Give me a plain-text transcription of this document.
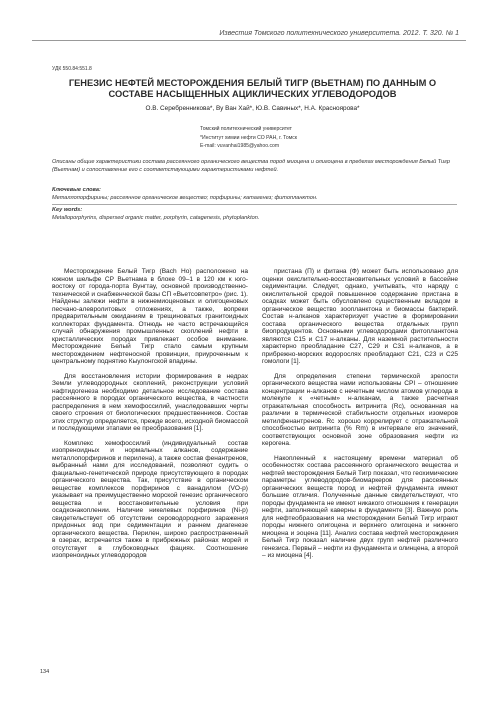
Известия Томского политехнического университета. 2012. Т. 320. № 1
УДК 550.84:551.8
ГЕНЕЗИС НЕФТЕЙ МЕСТОРОЖДЕНИЯ БЕЛЫЙ ТИГР (ВЬЕТНАМ) ПО ДАННЫМ О СОСТАВЕ НАСЫЩЕННЫХ АЦИКЛИЧЕСКИХ УГЛЕВОДОРОДОВ
О.В. Серебренникова*, Ву Ван Хай*, Ю.В. Савиных*, Н.А. Красноярова*
Томский политехнический университет
*Институт химии нефти СО РАН, г. Томск
E-mail: vuvanhai1985@yahoo.com
Описаны общие характеристики состава рассеянного органического вещества пород миоцена и олигоцена в пределах месторождения Белый Тигр (Вьетнам) и сопоставление его с соответствующими характеристиками нефтей.
Ключевые слова:
Металлопорфирины; рассеянное органическое вещество; порфирины; катагенез; фитопланктон.
Key words:
Metalloporphyrins, dispersed organic matter, porphyrin, catagenesis, phytoplankton.

Месторождение Белый Тигр (Bach Ho) расположено на южном шельфе СР Вьетнама в блоке 09–1 в 120 км к юго-востоку от города-порта Вунгтау, основной производственно-технической и снабженческой базы СП «Вьетсовпетро» (рис. 1). Найдены залежи нефти в нижнемиоценовых и олигоценовых песчано-алевролитовых отложениях, а также, вопреки предварительным ожиданиям в трещиноватых гранитоидных коллекторах фундамента. Отнюдь не часто встречающийся случай обнаружения промышленных скоплений нефти в кристаллических породах привлекает особое внимание. Месторождение Белый Тигр стало самым крупным месторождением нефтеносной провинции, приуроченным к центральному поднятию Кыулонгской впадины.

Для восстановления истории формирования в недрах Земли углеводородных скоплений, реконструкции условий нафтидогенеза необходимо детальное исследование состава рассеянного в породах органического вещества, в частности распределения в нем хемофоссилий, унаследовавших черты своего строения от биологических предшественников. Состав этих структур определяется, прежде всего, исходной биомассой и последующими этапами ее преобразования [1].

Комплекс хемофоссилий (индивидуальный состав изопреноидных и нормальных алканов, содержание металлопорфиринов и перилена), а также состав фенантренов, выбранный нами для исследований, позволяют судить о фациально-генетической природе присутствующего в породах органического вещества. Так, присутствие в органическом веществе комплексов порфиринов с ванадилом (VO-p) указывает на преимущественно морской генезис органического вещества и восстановительные условия при осадконакоплении. Наличие никелевых порфиринов (Ni-p) свидетельствует об отсутствии сероводородного заражения придонных вод при седиментации и раннем диагенезе органического вещества. Перилен, широко распространенный в озерах, встречается также в прибрежных районах морей и отсутствует в глубоководных фациях. Соотношение изопреноидных углеводородов

пристана (П) и фитана (Ф) может быть использовано для оценки окислительно-восстановительных условий в бассейне седиментации. Следует, однако, учитывать, что наряду с окислительной средой повышенное содержание пристана в осадках может быть обусловлено существенным вкладом в органическое вещество зоопланктона и биомассы бактерий. Состав н-алканов характеризует участие в формировании состава органического вещества отдельных групп биопродуцентов. Основными углеводородами фитопланктона являются C15 и C17 н-алканы. Для наземной растительности характерно преобладание C27, C29 и C31 н-алканов, а в прибрежно-морских водорослях преобладают C21, C23 и C25 гомологи [1].

Для определения степени термической зрелости органического вещества нами использованы CPI – отношение концентрации н-алканов с нечетным числом атомов углерода в молекуле к «четным» н-алканам, а также расчетная отражательная способность витринита (Rc), основанная на различии в термической стабильности отдельных изомеров метилфенантренов. Rc хорошо коррелирует с отражательной способностью витринита (% Rm) в интервале его значений, соответствующих основной зоне образования нефти из керогена.

Накопленный к настоящему времени материал об особенностях состава рассеянного органического вещества и нефтей месторождения Белый Тигр показал, что геохимические параметры углеводородов-биомаркеров для рассеянных органических веществ пород и нефтей фундамента имеют большие отличия. Полученные данные свидетельствуют, что породы фундамента не имеют никакого отношения к генерации нефти, заполняющей каверны в фундаменте [3]. Важную роль для нефтеобразования на месторождении Белый Тигр играют породы нижнего олигоцена и верхнего олигоцена и нижнего миоцена и эоцена [11]. Анализ состава нефтей месторождения Белый Тигр показал наличие двух групп нефтей различного генезиса. Первый – нефти из фундамента и олинцена, а второй – из миоцена [4].

134
